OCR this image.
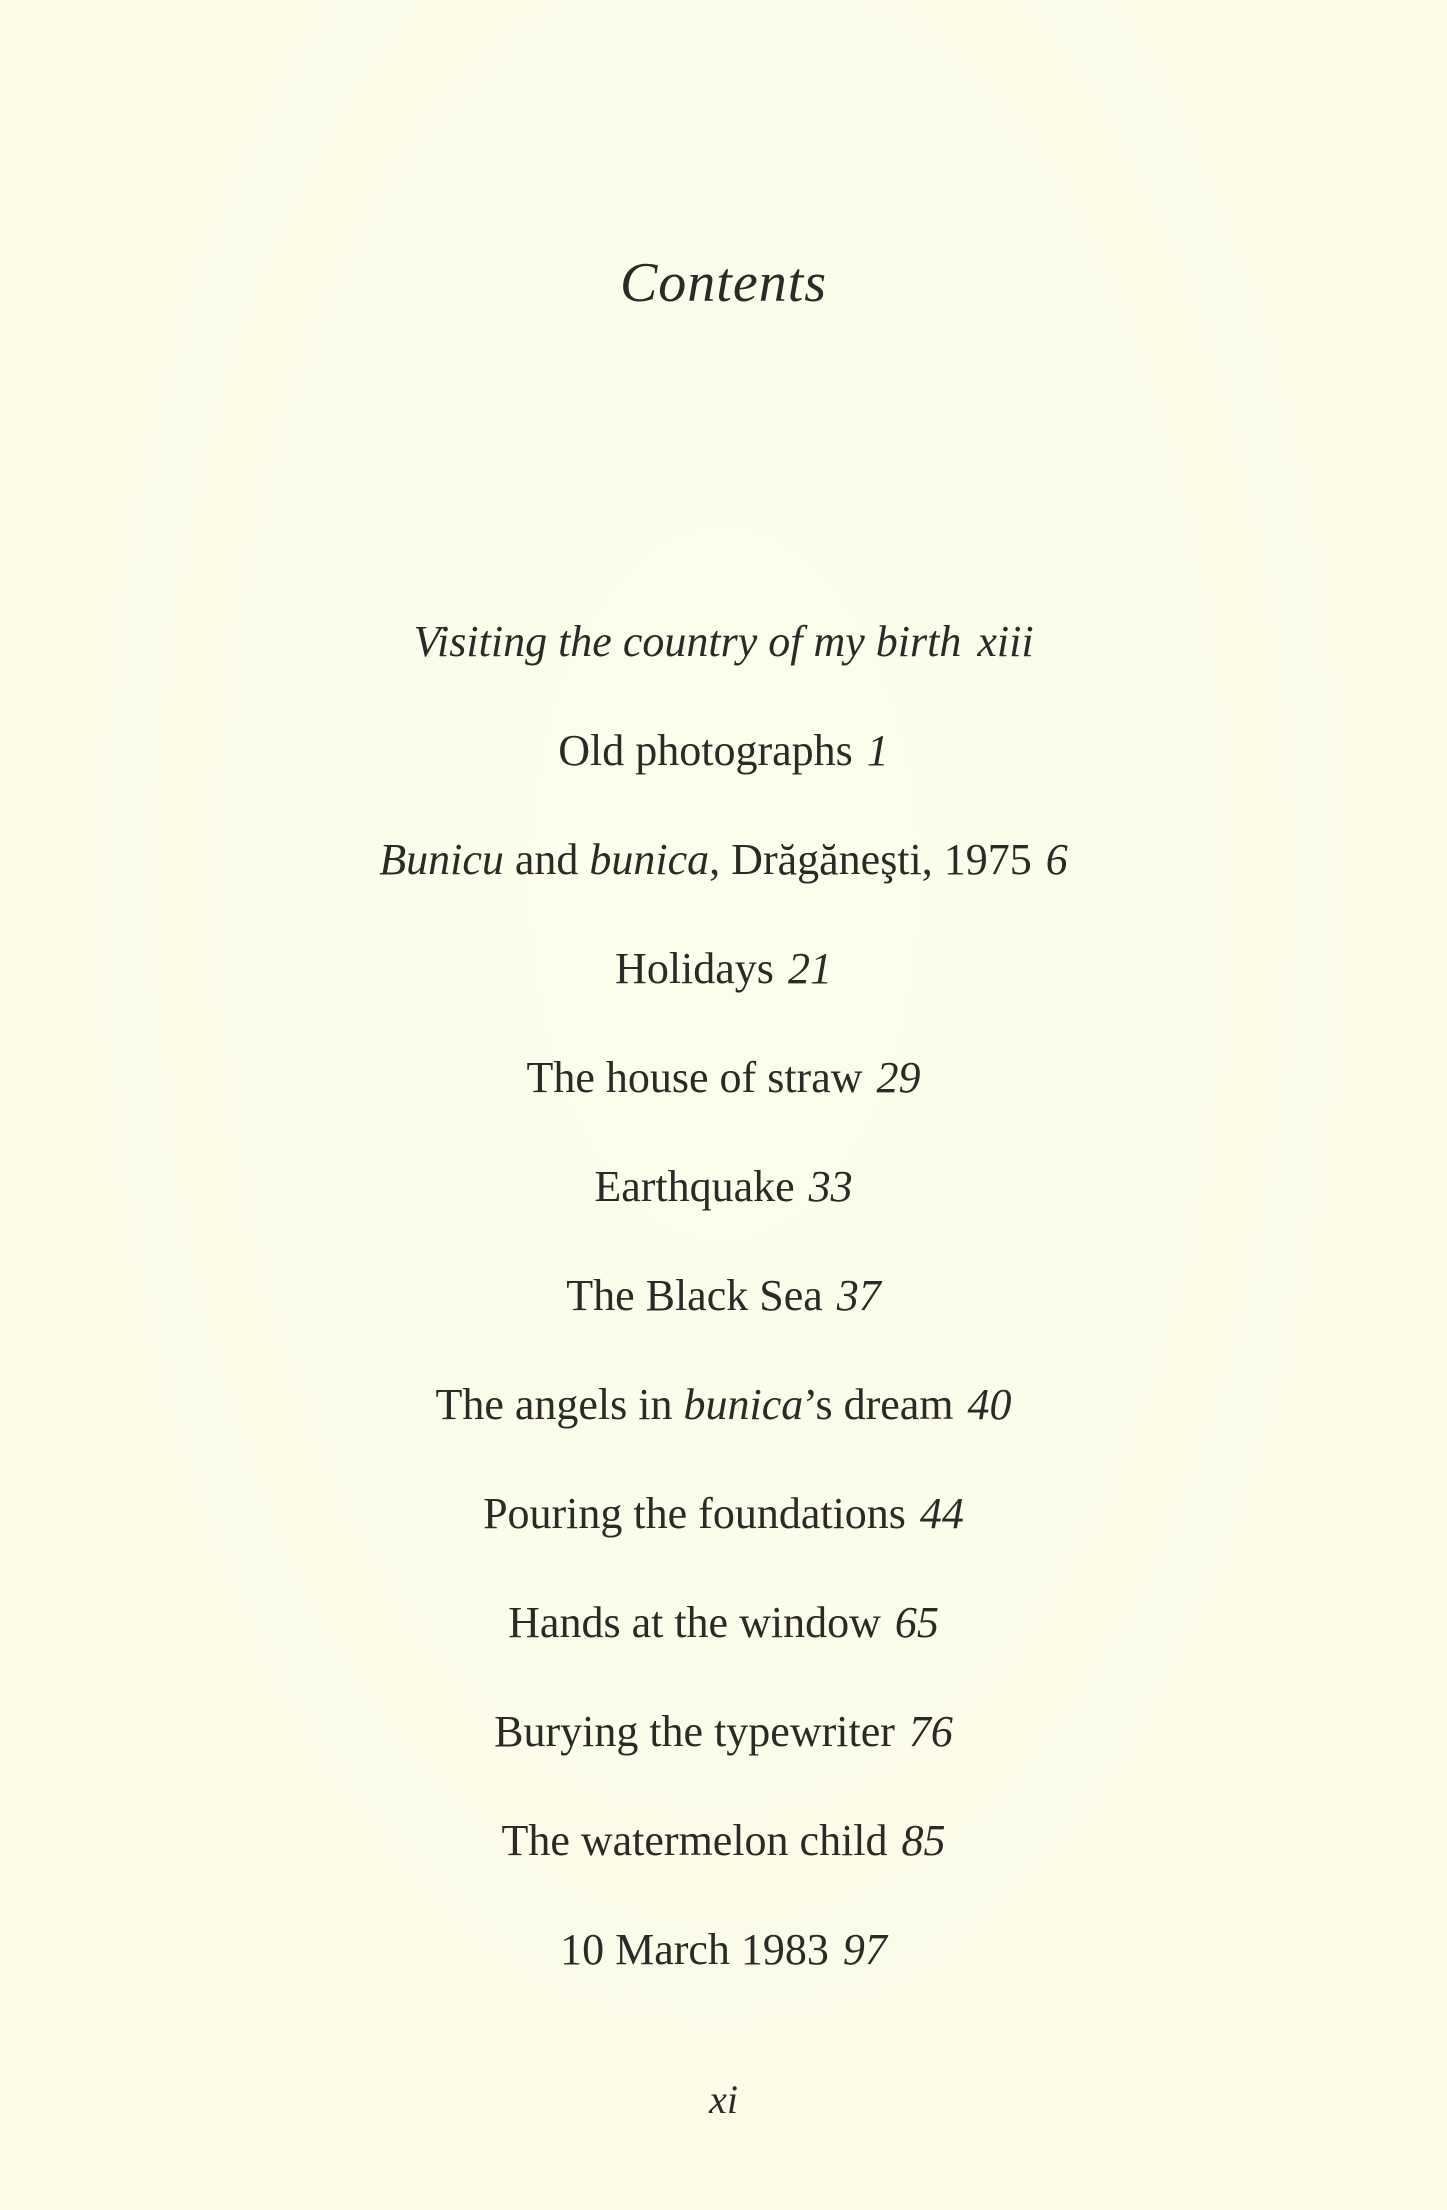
Contents
Visiting the country of my birth xiii
Old photographs 1
Bunicu and bunica, Drăgăneşti, 1975 6
Holidays 21
The house of straw 29
Earthquake 33
The Black Sea 37
The angels in bunica’s dream 40
Pouring the foundations 44
Hands at the window 65
Burying the typewriter 76
The watermelon child 85
10 March 1983 97
xi
